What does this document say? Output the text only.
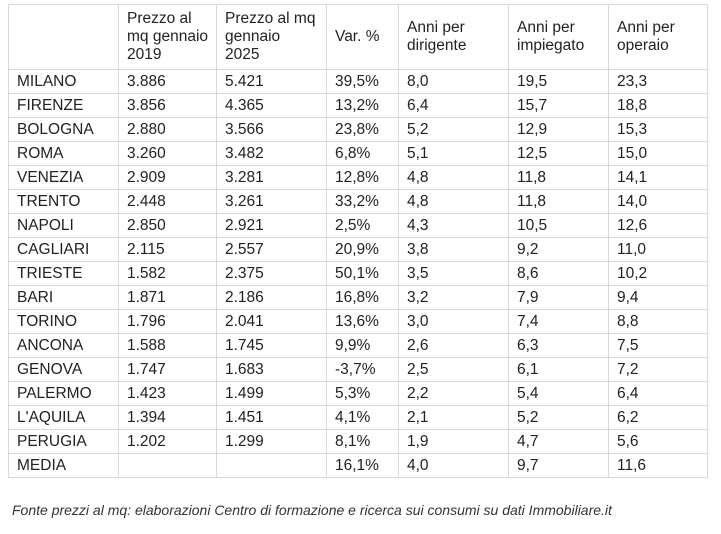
	Prezzo al
mq gennaio
2019	Prezzo al mq
gennaio
2025	Var. %	Anni per
dirigente	Anni per
impiegato	Anni per
operaio
MILANO	3.886	5.421	39,5%	8,0	19,5	23,3
FIRENZE	3.856	4.365	13,2%	6,4	15,7	18,8
BOLOGNA	2.880	3.566	23,8%	5,2	12,9	15,3
ROMA	3.260	3.482	6,8%	5,1	12,5	15,0
VENEZIA	2.909	3.281	12,8%	4,8	11,8	14,1
TRENTO	2.448	3.261	33,2%	4,8	11,8	14,0
NAPOLI	2.850	2.921	2,5%	4,3	10,5	12,6
CAGLIARI	2.115	2.557	20,9%	3,8	9,2	11,0
TRIESTE	1.582	2.375	50,1%	3,5	8,6	10,2
BARI	1.871	2.186	16,8%	3,2	7,9	9,4
TORINO	1.796	2.041	13,6%	3,0	7,4	8,8
ANCONA	1.588	1.745	9,9%	2,6	6,3	7,5
GENOVA	1.747	1.683	-3,7%	2,5	6,1	7,2
PALERMO	1.423	1.499	5,3%	2,2	5,4	6,4
L'AQUILA	1.394	1.451	4,1%	2,1	5,2	6,2
PERUGIA	1.202	1.299	8,1%	1,9	4,7	5,6
MEDIA			16,1%	4,0	9,7	11,6
Fonte prezzi al mq: elaborazioni Centro di formazione e ricerca sui consumi su dati Immobiliare.it
